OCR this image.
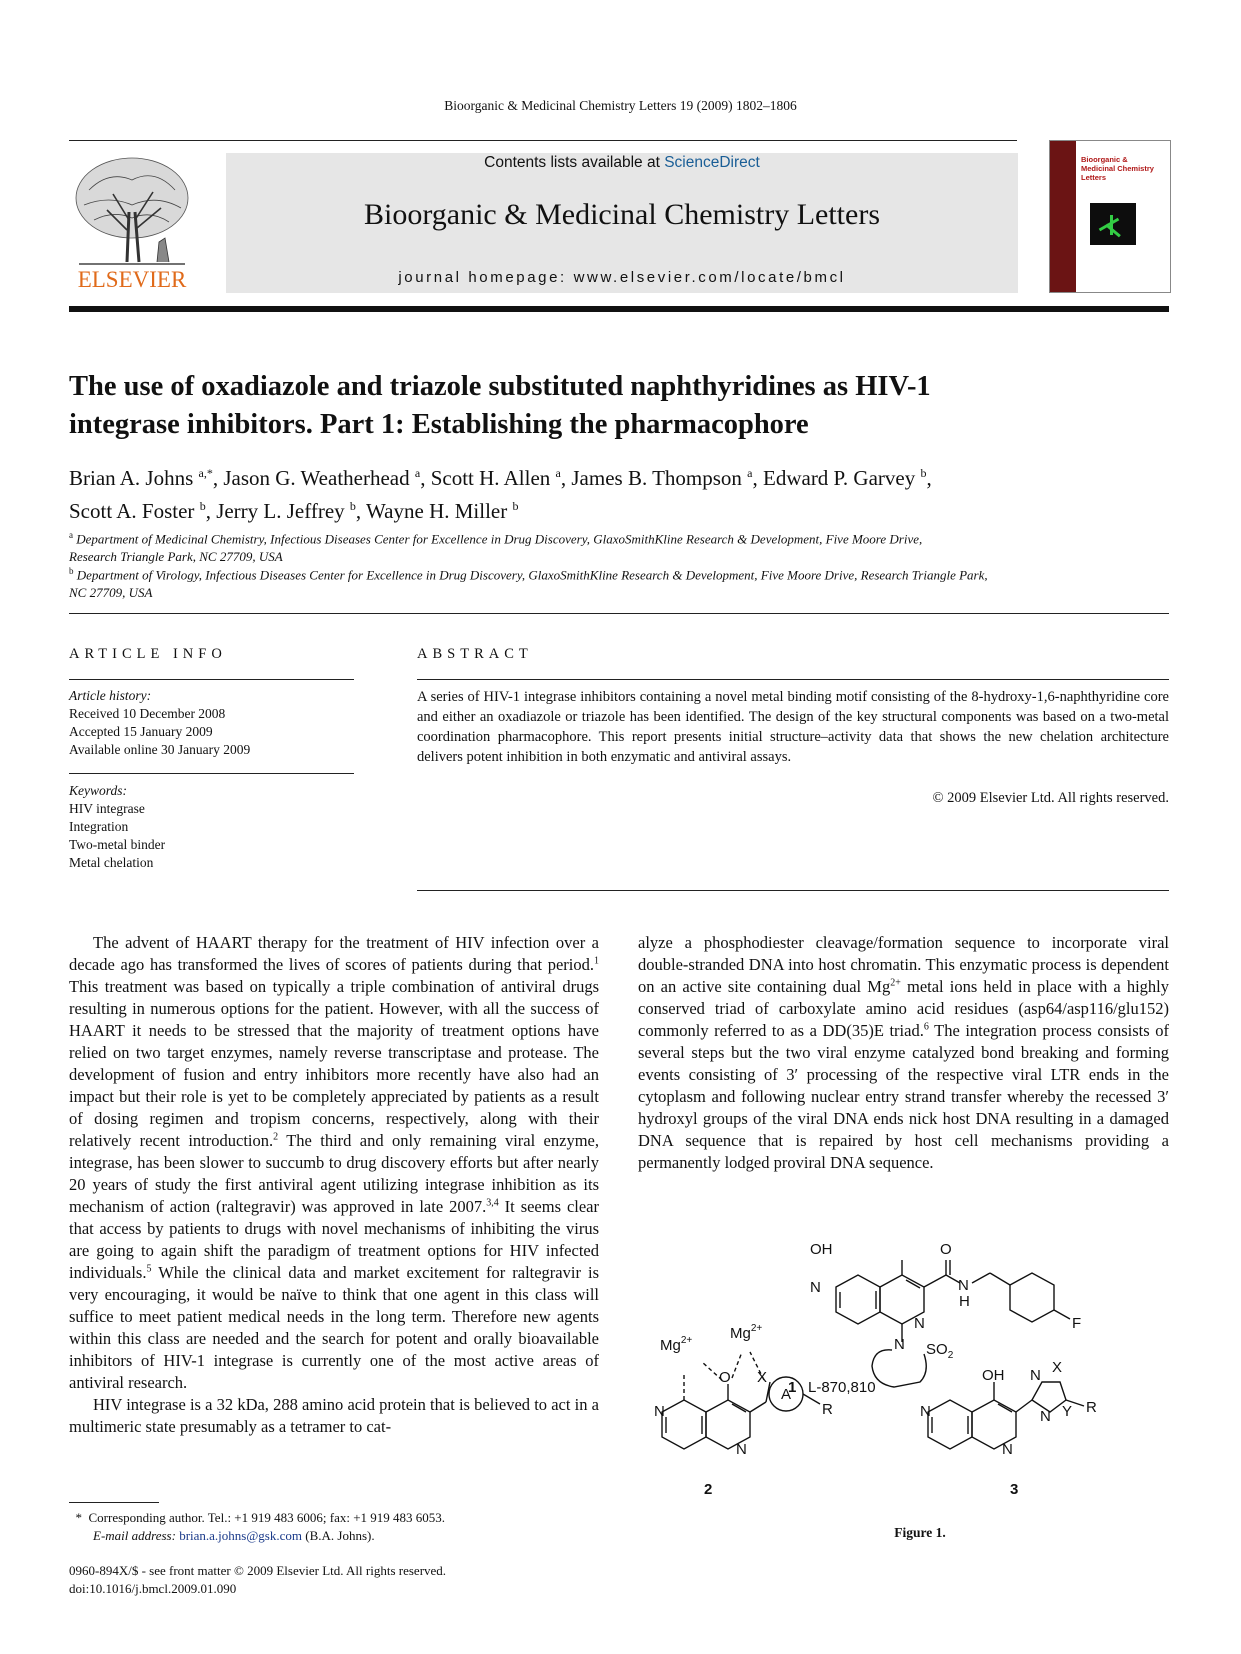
Bioorganic & Medicinal Chemistry Letters 19 (2009) 1802–1806
ELSEVIER
Contents lists available at ScienceDirect
Bioorganic & Medicinal Chemistry Letters
journal homepage: www.elsevier.com/locate/bmcl
Bioorganic & Medicinal Chemistry Letters
The use of oxadiazole and triazole substituted naphthyridines as HIV-1
integrase inhibitors. Part 1: Establishing the pharmacophore
Brian A. Johns $^{a,*}$, Jason G. Weatherhead $^a$, Scott H. Allen $^a$, James B. Thompson $^a$, Edward P. Garvey $^b$,
Scott A. Foster $^b$, Jerry L. Jeffrey $^b$, Wayne H. Miller $^b$
$^a$ Department of Medicinal Chemistry, Infectious Diseases Center for Excellence in Drug Discovery, GlaxoSmithKline Research & Development, Five Moore Drive,
Research Triangle Park, NC 27709, USA
$^b$ Department of Virology, Infectious Diseases Center for Excellence in Drug Discovery, GlaxoSmithKline Research & Development, Five Moore Drive, Research Triangle Park,
NC 27709, USA
ARTICLE INFO	ABSTRACT
Article history:
Received 10 December 2008
Accepted 15 January 2009
Available online 30 January 2009
Keywords:
HIV integrase
Integration
Two-metal binder
Metal chelation
A series of HIV-1 integrase inhibitors containing a novel metal binding motif consisting of the 8-hydroxy-1,6-naphthyridine core and either an oxadiazole or triazole has been identified. The design of the key structural components was based on a two-metal coordination pharmacophore. This report presents initial structure–activity data that shows the new chelation architecture delivers potent inhibition in both enzymatic and antiviral assays.
© 2009 Elsevier Ltd. All rights reserved.

The advent of HAART therapy for the treatment of HIV infection over a decade ago has transformed the lives of scores of patients during that period.$^1$ This treatment was based on typically a triple combination of antiviral drugs resulting in numerous options for the patient. However, with all the success of HAART it needs to be stressed that the majority of treatment options have relied on two target enzymes, namely reverse transcriptase and protease. The development of fusion and entry inhibitors more recently have also had an impact but their role is yet to be completely appreciated by patients as a result of dosing regimen and tropism concerns, respectively, along with their relatively recent introduction.$^2$ The third and only remaining viral enzyme, integrase, has been slower to succumb to drug discovery efforts but after nearly 20 years of study the first antiviral agent utilizing integrase inhibition as its mechanism of action (raltegravir) was approved in late 2007.$^{3,4}$ It seems clear that access by patients to drugs with novel mechanisms of inhibiting the virus are going to again shift the paradigm of treatment options for HIV infected individuals.$^5$ While the clinical data and market excitement for raltegravir is very encouraging, it would be naïve to think that one agent in this class will suffice to meet patient medical needs in the long term. Therefore new agents within this class are needed and the search for potent and orally bioavailable inhibitors of HIV-1 integrase is currently one of the most active areas of antiviral research.

HIV integrase is a 32 kDa, 288 amino acid protein that is believed to act in a multimeric state presumably as a tetramer to cat-

alyze a phosphodiester cleavage/formation sequence to incorporate viral double-stranded DNA into host chromatin. This enzymatic process is dependent on an active site containing dual $Mg^{2+}$ metal ions held in place with a highly conserved triad of carboxylate amino acid residues (asp64/asp116/glu152) commonly referred to as a DD(35)E triad.$^6$ The integration process consists of several steps but the two viral enzyme catalyzed bond breaking and forming events consisting of 3′ processing of the respective viral LTR ends in the cytoplasm and following nuclear entry strand transfer whereby the recessed 3′ hydroxyl groups of the viral DNA ends nick host DNA resulting in a damaged DNA sequence that is repaired by host cell mechanisms providing a permanently lodged proviral DNA sequence.

OH	O
N
N
N
H
F
N $SO_2$
1 L-870,810
$Mg^{2+}$	$Mg^{2+}$
O X
A
R
N
N
2
OH N X
Y
N
R
N
N
3
Figure 1.
* Corresponding author. Tel.: +1 919 483 6006; fax: +1 919 483 6053.
E-mail address: brian.a.johns@gsk.com (B.A. Johns).
0960-894X/$ - see front matter © 2009 Elsevier Ltd. All rights reserved.
doi:10.1016/j.bmcl.2009.01.090
